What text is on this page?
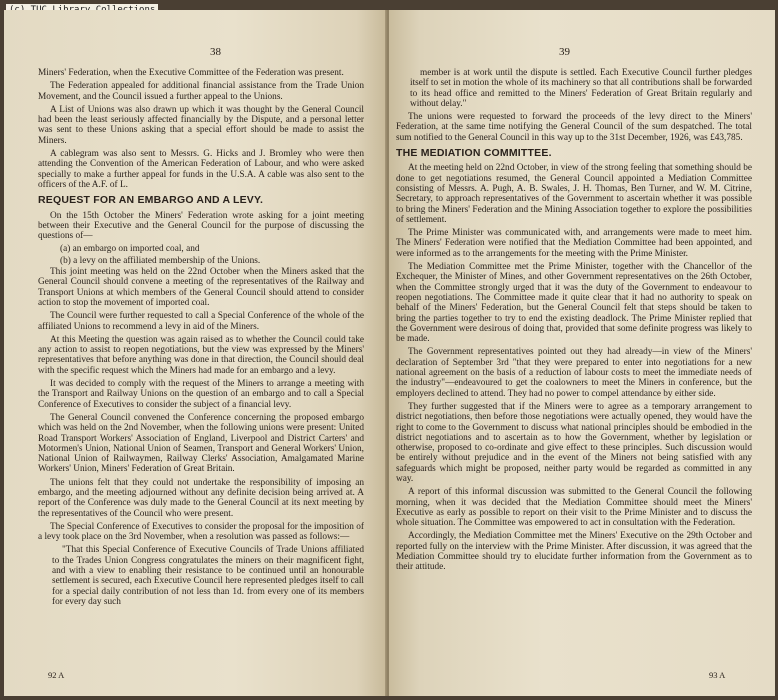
38

Miners' Federation, when the Executive Committee of the Federation was present.

The Federation appealed for additional financial assistance from the Trade Union Movement, and the Council issued a further appeal to the Unions.

A List of Unions was also drawn up which it was thought by the General Council had been the least seriously affected financially by the Dispute, and a personal letter was sent to these Unions asking that a special effort should be made to assist the Miners.

A cablegram was also sent to Messrs. G. Hicks and J. Bromley who were then attending the Convention of the American Federation of Labour, and who were asked specially to make a further appeal for funds in the U.S.A. A cable was also sent to the officers of the A.F. of L.

REQUEST FOR AN EMBARGO AND A LEVY.

On the 15th October the Miners' Federation wrote asking for a joint meeting between their Executive and the General Council for the purpose of discussing the questions of—

(a) an embargo on imported coal, and

(b) a levy on the affiliated membership of the Unions.

This joint meeting was held on the 22nd October when the Miners asked that the General Council should convene a meeting of the representatives of the Railway and Transport Unions at which members of the General Council should attend to consider action to stop the movement of imported coal.

The Council were further requested to call a Special Conference of the whole of the affiliated Unions to recommend a levy in aid of the Miners.

At this Meeting the question was again raised as to whether the Council could take any action to assist to reopen negotiations, but the view was expressed by the Miners' representatives that before anything was done in that direction, the Council should deal with the specific request which the Miners had made for an embargo and a levy.

It was decided to comply with the request of the Miners to arrange a meeting with the Transport and Railway Unions on the question of an embargo and to call a Special Conference of Executives to consider the subject of a financial levy.

The General Council convened the Conference concerning the proposed embargo which was held on the 2nd November, when the following unions were present: United Road Transport Workers' Association of England, Liverpool and District Carters' and Motormen's Union, National Union of Seamen, Transport and General Workers' Union, National Union of Railwaymen, Railway Clerks' Association, Amalgamated Marine Workers' Union, Miners' Federation of Great Britain.

The unions felt that they could not undertake the responsibility of imposing an embargo, and the meeting adjourned without any definite decision being arrived at. A report of the Conference was duly made to the General Council at its next meeting by the representatives of the Council who were present.

The Special Conference of Executives to consider the proposal for the imposition of a levy took place on the 3rd November, when a resolution was passed as follows:—

"That this Special Conference of Executive Councils of Trade Unions affiliated to the Trades Union Congress congratulates the miners on their magnificent fight, and with a view to enabling their resistance to be continued until an honourable settlement is secured, each Executive Council here represented pledges itself to call for a special daily contribution of not less than 1d. from every one of its members for every day such

92 A
39

member is at work until the dispute is settled. Each Executive Council further pledges itself to set in motion the whole of its machinery so that all contributions shall be forwarded to its head office and remitted to the Miners' Federation of Great Britain regularly and without delay."

The unions were requested to forward the proceeds of the levy direct to the Miners' Federation, at the same time notifying the General Council of the sum despatched. The total sum notified to the General Council in this way up to the 31st December, 1926, was £43,785.

THE MEDIATION COMMITTEE.

At the meeting held on 22nd October, in view of the strong feeling that something should be done to get negotiations resumed, the General Council appointed a Mediation Committee consisting of Messrs. A. Pugh, A. B. Swales, J. H. Thomas, Ben Turner, and W. M. Citrine, Secretary, to approach representatives of the Government to ascertain whether it was possible to bring the Miners' Federation and the Mining Association together to explore the possibilities of settlement.

The Prime Minister was communicated with, and arrangements were made to meet him. The Miners' Federation were notified that the Mediation Committee had been appointed, and were informed as to the arrangements for the meeting with the Prime Minister.

The Mediation Committee met the Prime Minister, together with the Chancellor of the Exchequer, the Minister of Mines, and other Government representatives on the 26th October, when the Committee strongly urged that it was the duty of the Government to endeavour to reopen negotiations. The Committee made it quite clear that it had no authority to speak on behalf of the Miners' Federation, but the General Council felt that steps should be taken to bring the parties together to try to end the existing deadlock. The Prime Minister replied that the Government were desirous of doing that, provided that some definite progress was likely to be made.

The Government representatives pointed out they had already—in view of the Miners' declaration of September 3rd "that they were prepared to enter into negotiations for a new national agreement on the basis of a reduction of labour costs to meet the immediate needs of the industry"—endeavoured to get the coalowners to meet the Miners in conference, but the employers declined to attend. They had no power to compel attendance by either side.

They further suggested that if the Miners were to agree as a temporary arrangement to district negotiations, then before those negotiations were actually opened, they would have the right to come to the Government to discuss what national principles should be embodied in the district negotiations and to ascertain as to how the Government, whether by legislation or otherwise, proposed to co-ordinate and give effect to these principles. Such discussion would be entirely without prejudice and in the event of the Miners not being satisfied with any safeguards which might be proposed, neither party would be regarded as committed in any way.

A report of this informal discussion was submitted to the General Council the following morning, when it was decided that the Mediation Committee should meet the Miners' Executive as early as possible to report on their visit to the Prime Minister and to discuss the whole situation. The Committee was empowered to act in consultation with the Federation.

Accordingly, the Mediation Committee met the Miners' Executive on the 29th October and reported fully on the interview with the Prime Minister. After discussion, it was agreed that the Mediation Committee should try to elucidate further information from the Government as to their attitude.

93 A
